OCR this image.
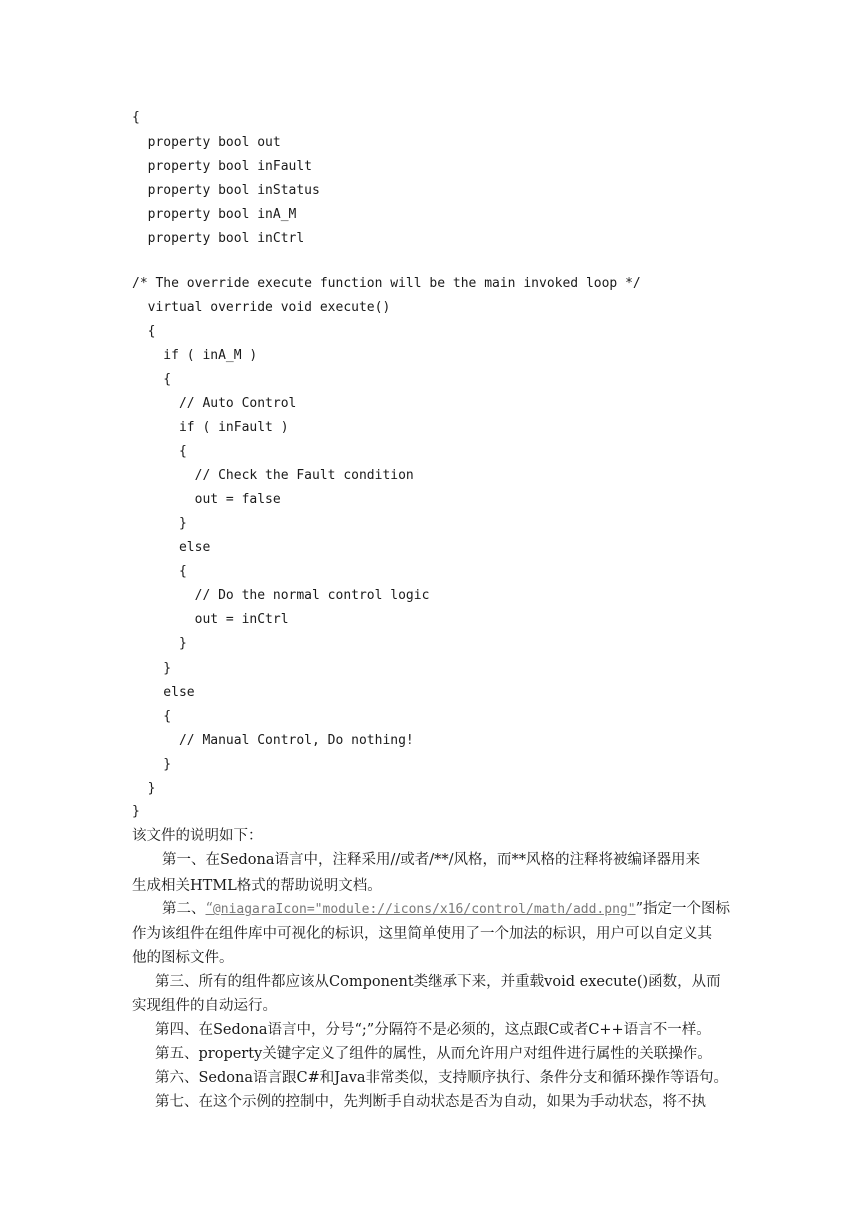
{

property bool out

property bool inFault

property bool inStatus

property bool inA_M

property bool inCtrl

/* The override execute function will be the main invoked loop */

virtual override void execute()

{

if ( inA_M )

{

// Auto Control

if ( inFault )

{

// Check the Fault condition

out = false

}

else

{

// Do the normal control logic

out = inCtrl

}

}

else

{

// Manual Control, Do nothing!

}

}

}

该文件的说明如下：
第一、在Sedona语言中，注释采用//或者/**/风格，而**风格的注释将被编译器用来
生成相关HTML格式的帮助说明文档。
第二、“@niagaraIcon="module://icons/x16/control/math/add.png"”指定一个图标
作为该组件在组件库中可视化的标识，这里简单使用了一个加法的标识，用户可以自定义其
他的图标文件。
第三、所有的组件都应该从Component类继承下来，并重载void execute()函数，从而
实现组件的自动运行。
第四、在Sedona语言中，分号“;”分隔符不是必须的，这点跟C或者C++语言不一样。
第五、property关键字定义了组件的属性，从而允许用户对组件进行属性的关联操作。
第六、Sedona语言跟C#和Java非常类似，支持顺序执行、条件分支和循环操作等语句。
第七、在这个示例的控制中，先判断手自动状态是否为自动，如果为手动状态，将不执
